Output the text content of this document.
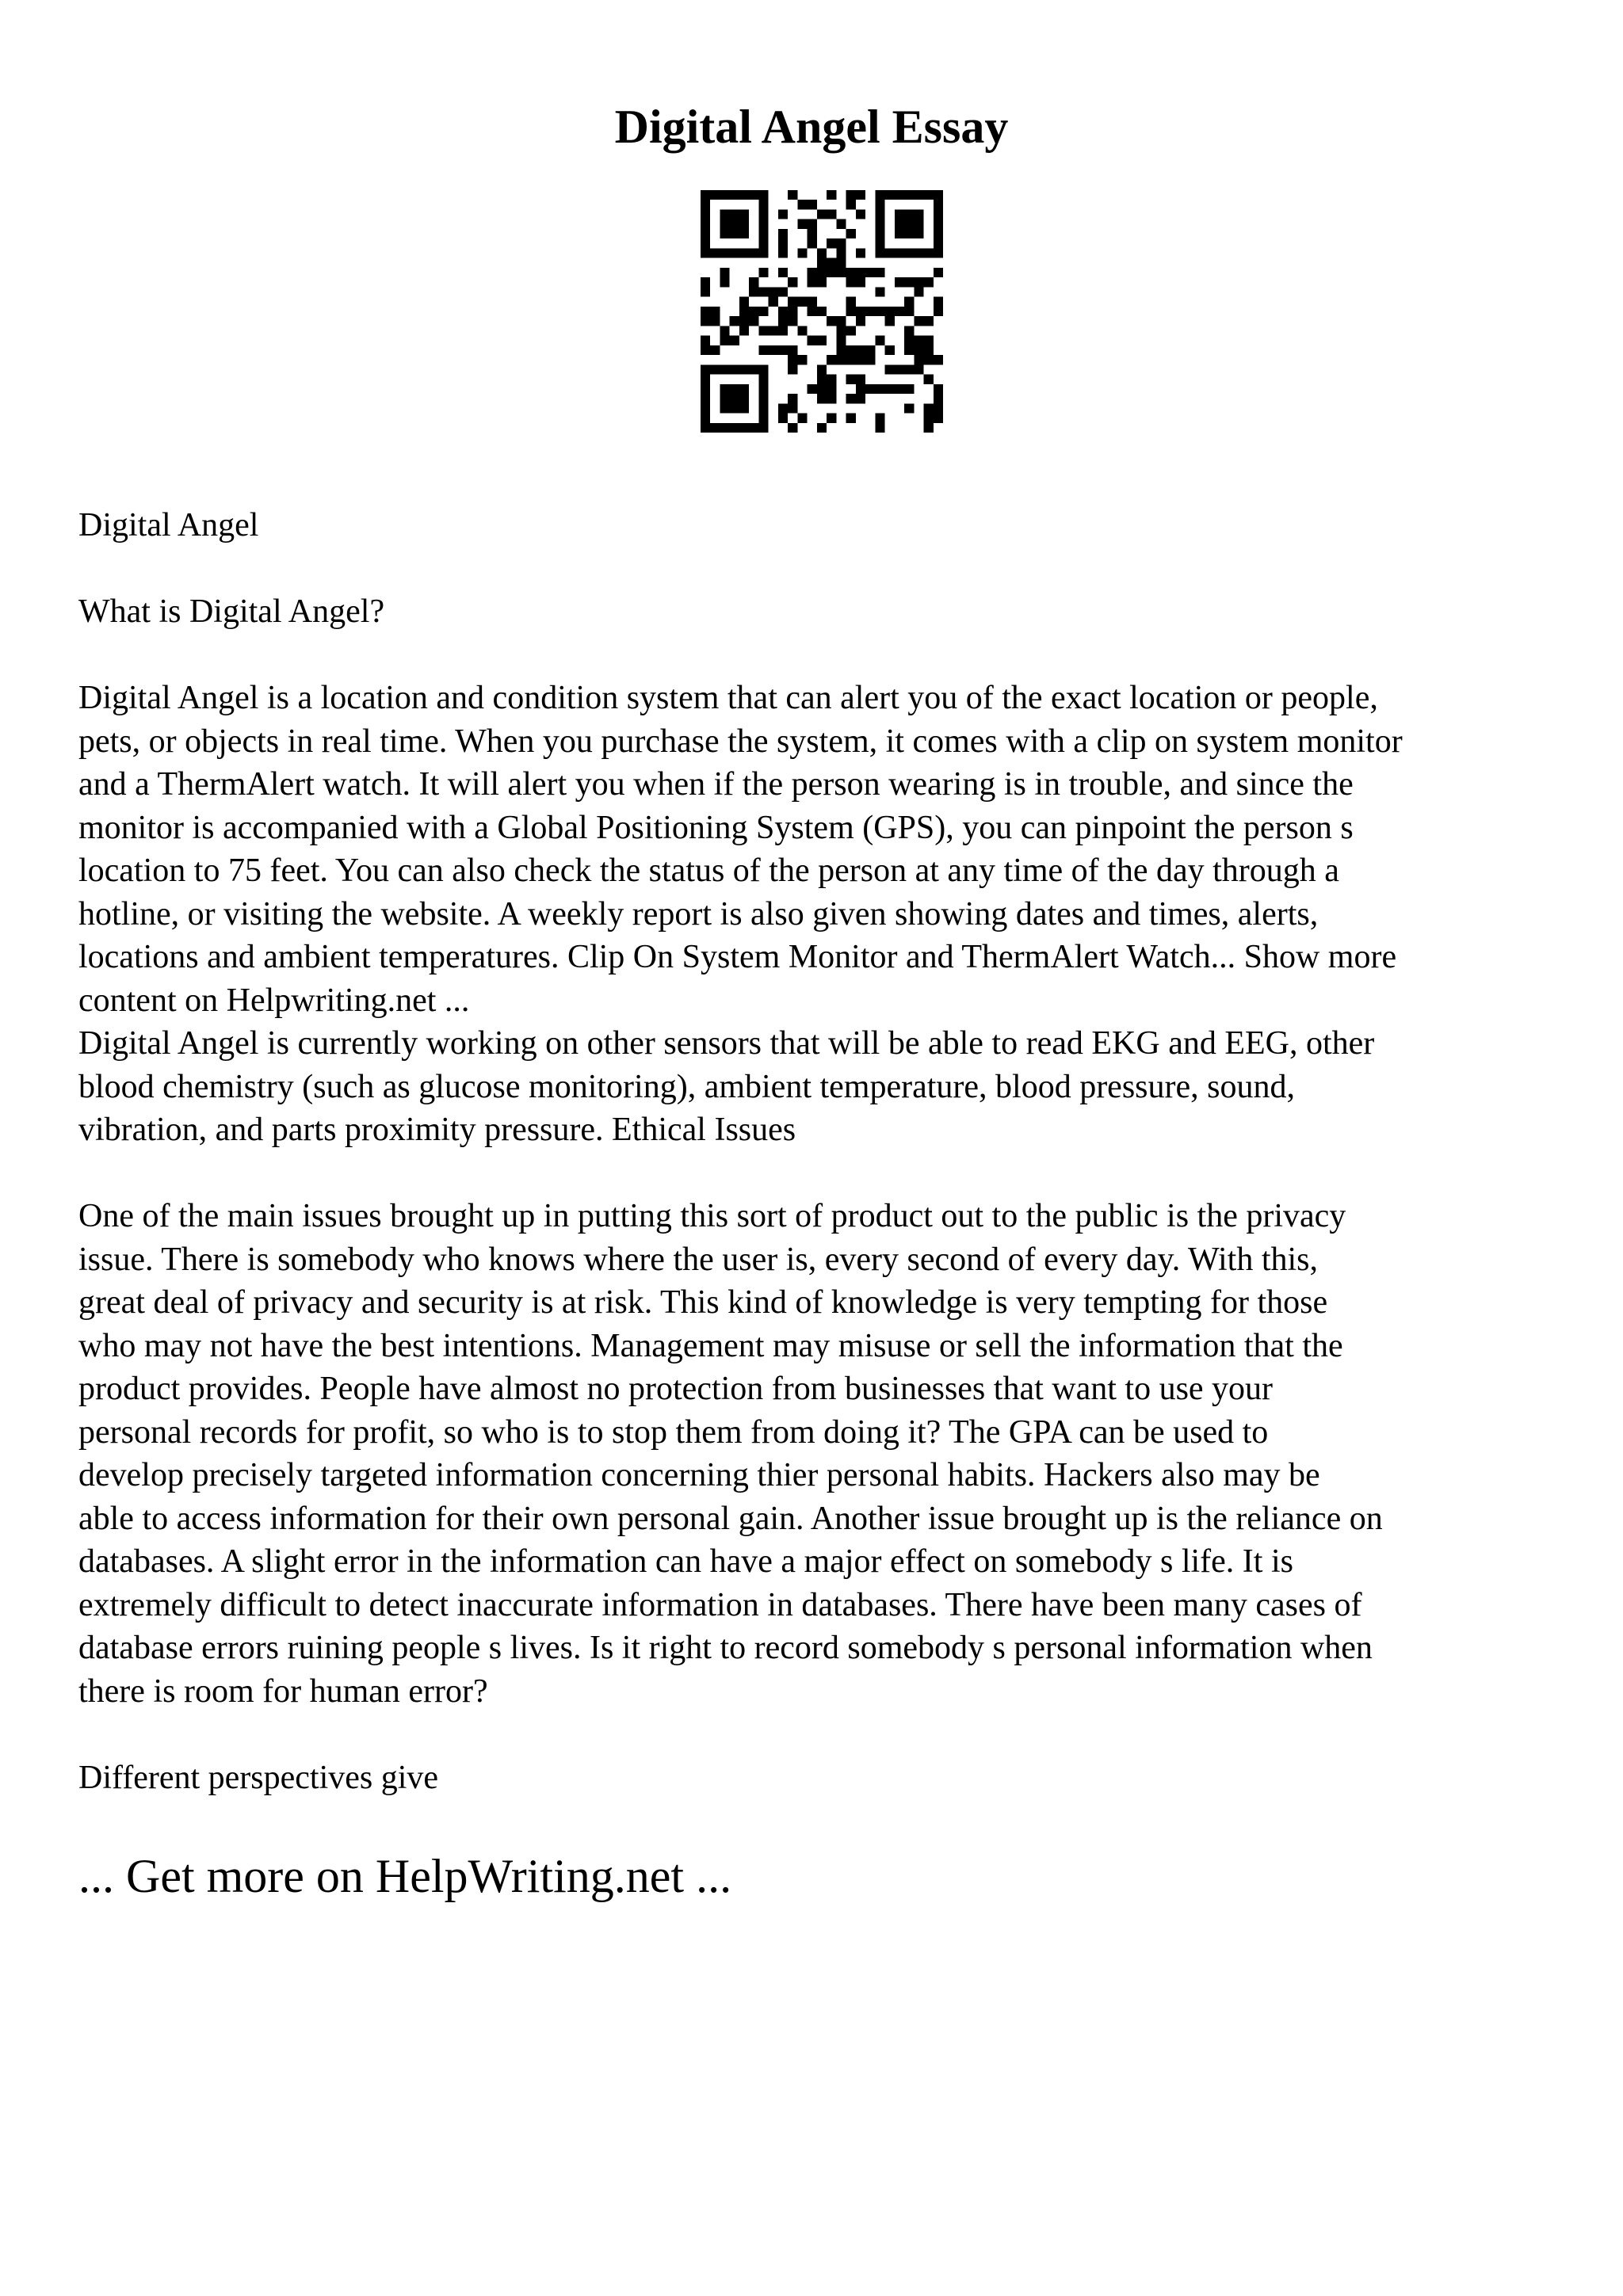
Digital Angel Essay

Digital Angel

What is Digital Angel?

Digital Angel is a location and condition system that can alert you of the exact location or people,
pets, or objects in real time. When you purchase the system, it comes with a clip on system monitor
and a ThermAlert watch. It will alert you when if the person wearing is in trouble, and since the
monitor is accompanied with a Global Positioning System (GPS), you can pinpoint the person s
location to 75 feet. You can also check the status of the person at any time of the day through a
hotline, or visiting the website. A weekly report is also given showing dates and times, alerts,
locations and ambient temperatures. Clip On System Monitor and ThermAlert Watch... Show more
content on Helpwriting.net ...
Digital Angel is currently working on other sensors that will be able to read EKG and EEG, other
blood chemistry (such as glucose monitoring), ambient temperature, blood pressure, sound,
vibration, and parts proximity pressure. Ethical Issues

One of the main issues brought up in putting this sort of product out to the public is the privacy
issue. There is somebody who knows where the user is, every second of every day. With this,
great deal of privacy and security is at risk. This kind of knowledge is very tempting for those
who may not have the best intentions. Management may misuse or sell the information that the
product provides. People have almost no protection from businesses that want to use your
personal records for profit, so who is to stop them from doing it? The GPA can be used to
develop precisely targeted information concerning thier personal habits. Hackers also may be
able to access information for their own personal gain. Another issue brought up is the reliance on
databases. A slight error in the information can have a major effect on somebody s life. It is
extremely difficult to detect inaccurate information in databases. There have been many cases of
database errors ruining people s lives. Is it right to record somebody s personal information when
there is room for human error?

Different perspectives give

... Get more on HelpWriting.net ...
